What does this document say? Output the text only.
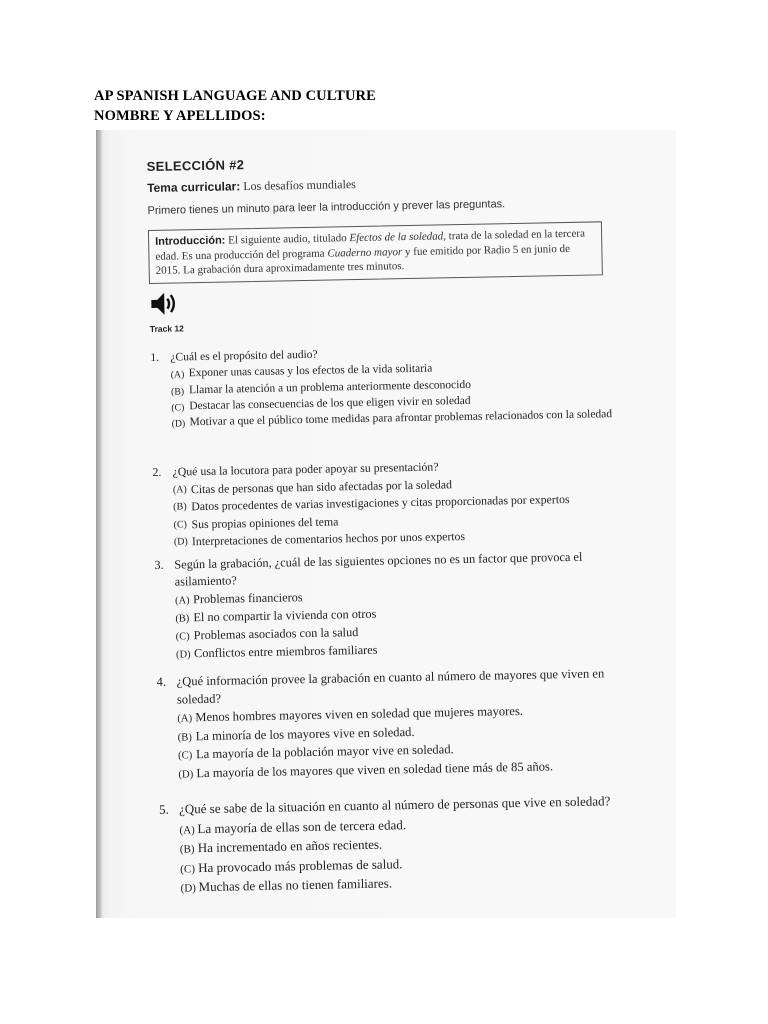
AP SPANISH LANGUAGE AND CULTURE
NOMBRE Y APELLIDOS:
SELECCIÓN #2
Tema curricular: Los desafíos mundiales
Primero tienes un minuto para leer la introducción y prever las preguntas.
Introducción: El siguiente audio, titulado Efectos de la soledad, trata de la soledad en la tercera edad. Es una producción del programa Cuaderno mayor y fue emitido por Radio 5 en junio de 2015. La grabación dura aproximadamente tres minutos.
Track 12
1. ¿Cuál es el propósito del audio?
(A) Exponer unas causas y los efectos de la vida solitaria
(B) Llamar la atención a un problema anteriormente desconocido
(C) Destacar las consecuencias de los que eligen vivir en soledad
(D) Motivar a que el público tome medidas para afrontar problemas relacionados con la soledad
2. ¿Qué usa la locutora para poder apoyar su presentación?
(A) Citas de personas que han sido afectadas por la soledad
(B) Datos procedentes de varias investigaciones y citas proporcionadas por expertos
(C) Sus propias opiniones del tema
(D) Interpretaciones de comentarios hechos por unos expertos
3. Según la grabación, ¿cuál de las siguientes opciones no es un factor que provoca el asilamiento?
(A) Problemas financieros
(B) El no compartir la vivienda con otros
(C) Problemas asociados con la salud
(D) Conflictos entre miembros familiares
4. ¿Qué información provee la grabación en cuanto al número de mayores que viven en soledad?
(A) Menos hombres mayores viven en soledad que mujeres mayores.
(B) La minoría de los mayores vive en soledad.
(C) La mayoría de la población mayor vive en soledad.
(D) La mayoría de los mayores que viven en soledad tiene más de 85 años.
5. ¿Qué se sabe de la situación en cuanto al número de personas que vive en soledad?
(A) La mayoría de ellas son de tercera edad.
(B) Ha incrementado en años recientes.
(C) Ha provocado más problemas de salud.
(D) Muchas de ellas no tienen familiares.
